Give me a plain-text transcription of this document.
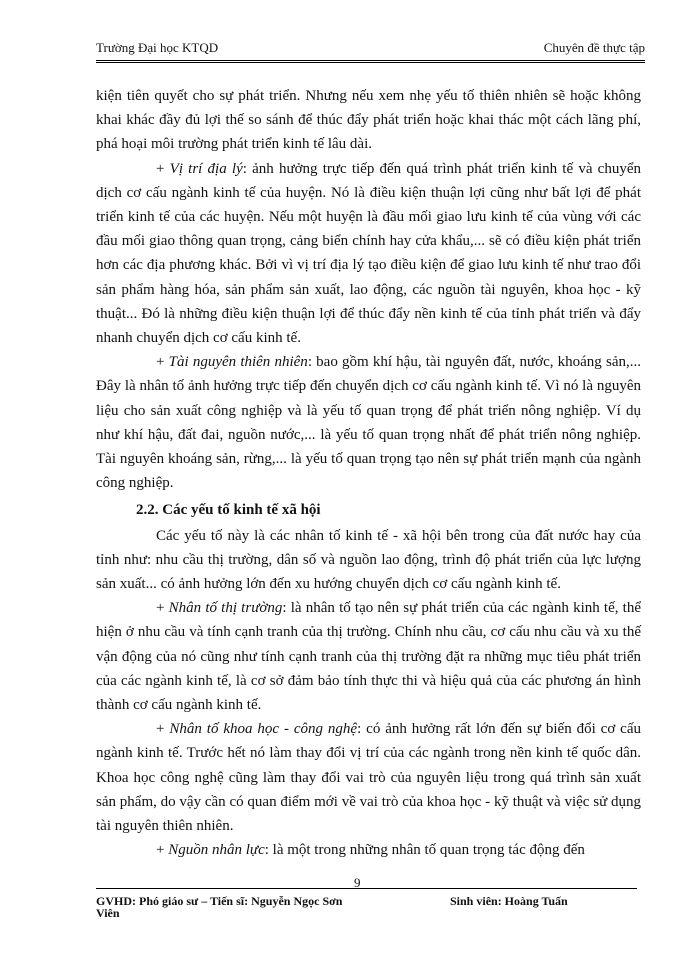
Trường Đại học KTQD	Chuyên đề thực tập

kiện tiên quyết cho sự phát triển. Nhưng nếu xem nhẹ yếu tố thiên nhiên sẽ hoặc không khai khác đầy đủ lợi thế so sánh để thúc đẩy phát triển hoặc khai thác một cách lãng phí, phá hoại môi trường phát triển kinh tế lâu dài.

+ Vị trí địa lý: ảnh hưởng trực tiếp đến quá trình phát triển kinh tế và chuyển dịch cơ cấu ngành kinh tế của huyện. Nó là điều kiện thuận lợi cũng như bất lợi để phát triển kinh tế của các huyện. Nếu một huyện là đầu mối giao lưu kinh tế của vùng với các đầu mối giao thông quan trọng, cảng biển chính hay cửa khẩu,... sẽ có điều kiện phát triển hơn các địa phương khác. Bởi vì vị trí địa lý tạo điều kiện để giao lưu kinh tế như trao đổi sản phẩm hàng hóa, sản phẩm sản xuất, lao động, các nguồn tài nguyên, khoa học - kỹ thuật... Đó là những điều kiện thuận lợi để thúc đẩy nền kinh tế của tỉnh phát triển và đẩy nhanh chuyển dịch cơ cấu kinh tế.

+ Tài nguyên thiên nhiên: bao gồm khí hậu, tài nguyên đất, nước, khoáng sản,... Đây là nhân tố ảnh hưởng trực tiếp đến chuyển dịch cơ cấu ngành kinh tế. Vì nó là nguyên liệu cho sản xuất công nghiệp và là yếu tố quan trọng để phát triển nông nghiệp. Ví dụ như khí hậu, đất đai, nguồn nước,... là yếu tố quan trọng nhất để phát triển nông nghiệp. Tài nguyên khoáng sản, rừng,... là yếu tố quan trọng tạo nên sự phát triển mạnh của ngành công nghiệp.

2.2. Các yếu tố kinh tế xã hội

Các yếu tố này là các nhân tố kinh tế - xã hội bên trong của đất nước hay của tỉnh như: nhu cầu thị trường, dân số và nguồn lao động, trình độ phát triển của lực lượng sản xuất... có ảnh hưởng lớn đến xu hướng chuyển dịch cơ cấu ngành kinh tế.

+ Nhân tố thị trường: là nhân tố tạo nên sự phát triển của các ngành kinh tế, thể hiện ở nhu cầu và tính cạnh tranh của thị trường. Chính nhu cầu, cơ cấu nhu cầu và xu thế vận động của nó cũng như tính cạnh tranh của thị trường đặt ra những mục tiêu phát triển của các ngành kinh tế, là cơ sở đảm bảo tính thực thi và hiệu quả của các phương án hình thành cơ cấu ngành kinh tế.

+ Nhân tố khoa học - công nghệ: có ảnh hưởng rất lớn đến sự biến đổi cơ cấu ngành kinh tế. Trước hết nó làm thay đổi vị trí của các ngành trong nền kinh tế quốc dân. Khoa học công nghệ cũng làm thay đổi vai trò của nguyên liệu trong quá trình sản xuất sản phẩm, do vậy cần có quan điểm mới về vai trò của khoa học - kỹ thuật và việc sử dụng tài nguyên thiên nhiên.

+ Nguồn nhân lực: là một trong những nhân tố quan trọng tác động đến

9
GVHD: Phó giáo sư – Tiến sĩ: Nguyễn Ngọc Sơn
Viên
Sinh viên: Hoàng Tuấn
